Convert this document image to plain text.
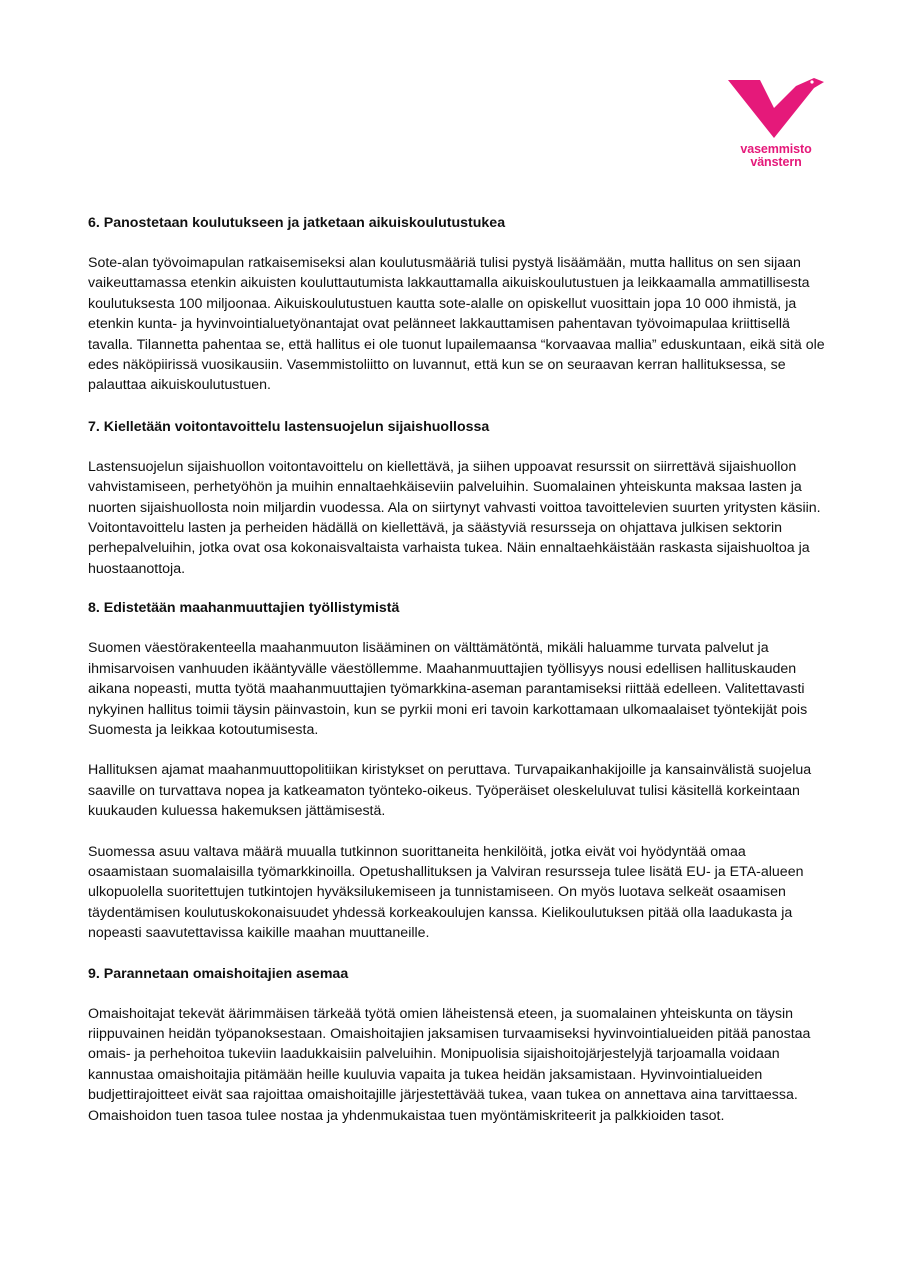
vasemmisto
vänstern
6. Panostetaan koulutukseen ja jatketaan aikuiskoulutustukea
Sote-alan työvoimapulan ratkaisemiseksi alan koulutusmääriä tulisi pystyä lisäämään, mutta hallitus on sen sijaan vaikeuttamassa etenkin aikuisten kouluttautumista lakkauttamalla aikuiskoulutustuen ja leikkaamalla ammatillisesta koulutuksesta 100 miljoonaa. Aikuiskoulutustuen kautta sote-alalle on opiskellut vuosittain jopa 10 000 ihmistä, ja etenkin kunta- ja hyvinvointialuetyönantajat ovat pelänneet lakkauttamisen pahentavan työvoimapulaa kriittisellä tavalla. Tilannetta pahentaa se, että hallitus ei ole tuonut lupailemaansa “korvaavaa mallia” eduskuntaan, eikä sitä ole edes näköpiirissä vuosikausiin. Vasemmistoliitto on luvannut, että kun se on seuraavan kerran hallituksessa, se palauttaa aikuiskoulutustuen.
7. Kielletään voitontavoittelu lastensuojelun sijaishuollossa
Lastensuojelun sijaishuollon voitontavoittelu on kiellettävä, ja siihen uppoavat resurssit on siirrettävä sijaishuollon vahvistamiseen, perhetyöhön ja muihin ennaltaehkäiseviin palveluihin. Suomalainen yhteiskunta maksaa lasten ja nuorten sijaishuollosta noin miljardin vuodessa. Ala on siirtynyt vahvasti voittoa tavoittelevien suurten yritysten käsiin. Voitontavoittelu lasten ja perheiden hädällä on kiellettävä, ja säästyviä resursseja on ohjattava julkisen sektorin perhepalveluihin, jotka ovat osa kokonaisvaltaista varhaista tukea. Näin ennaltaehkäistään raskasta sijaishuoltoa ja huostaanottoja.
8. Edistetään maahanmuuttajien työllistymistä
Suomen väestörakenteella maahanmuuton lisääminen on välttämätöntä, mikäli haluamme turvata palvelut ja ihmisarvoisen vanhuuden ikääntyvälle väestöllemme. Maahanmuuttajien työllisyys nousi edellisen hallituskauden aikana nopeasti, mutta työtä maahanmuuttajien työmarkkina-aseman parantamiseksi riittää edelleen. Valitettavasti nykyinen hallitus toimii täysin päinvastoin, kun se pyrkii moni eri tavoin karkottamaan ulkomaalaiset työntekijät pois Suomesta ja leikkaa kotoutumisesta.
Hallituksen ajamat maahanmuuttopolitiikan kiristykset on peruttava. Turvapaikanhakijoille ja kansainvälistä suojelua saaville on turvattava nopea ja katkeamaton työnteko-oikeus. Työperäiset oleskeluluvat tulisi käsitellä korkeintaan kuukauden kuluessa hakemuksen jättämisestä.
Suomessa asuu valtava määrä muualla tutkinnon suorittaneita henkilöitä, jotka eivät voi hyödyntää omaa osaamistaan suomalaisilla työmarkkinoilla. Opetushallituksen ja Valviran resursseja tulee lisätä EU- ja ETA-alueen ulkopuolella suoritettujen tutkintojen hyväksilukemiseen ja tunnistamiseen. On myös luotava selkeät osaamisen täydentämisen koulutuskokonaisuudet yhdessä korkeakoulujen kanssa. Kielikoulutuksen pitää olla laadukasta ja nopeasti saavutettavissa kaikille maahan muuttaneille.
9. Parannetaan omaishoitajien asemaa
Omaishoitajat tekevät äärimmäisen tärkeää työtä omien läheistensä eteen, ja suomalainen yhteiskunta on täysin riippuvainen heidän työpanoksestaan. Omaishoitajien jaksamisen turvaamiseksi hyvinvointialueiden pitää panostaa omais- ja perhehoitoa tukeviin laadukkaisiin palveluihin. Monipuolisia sijaishoitojärjestelyjä tarjoamalla voidaan kannustaa omaishoitajia pitämään heille kuuluvia vapaita ja tukea heidän jaksamistaan. Hyvinvointialueiden budjettirajoitteet eivät saa rajoittaa omaishoitajille järjestettävää tukea, vaan tukea on annettava aina tarvittaessa. Omaishoidon tuen tasoa tulee nostaa ja yhdenmukaistaa tuen myöntämiskriteerit ja palkkioiden tasot.
